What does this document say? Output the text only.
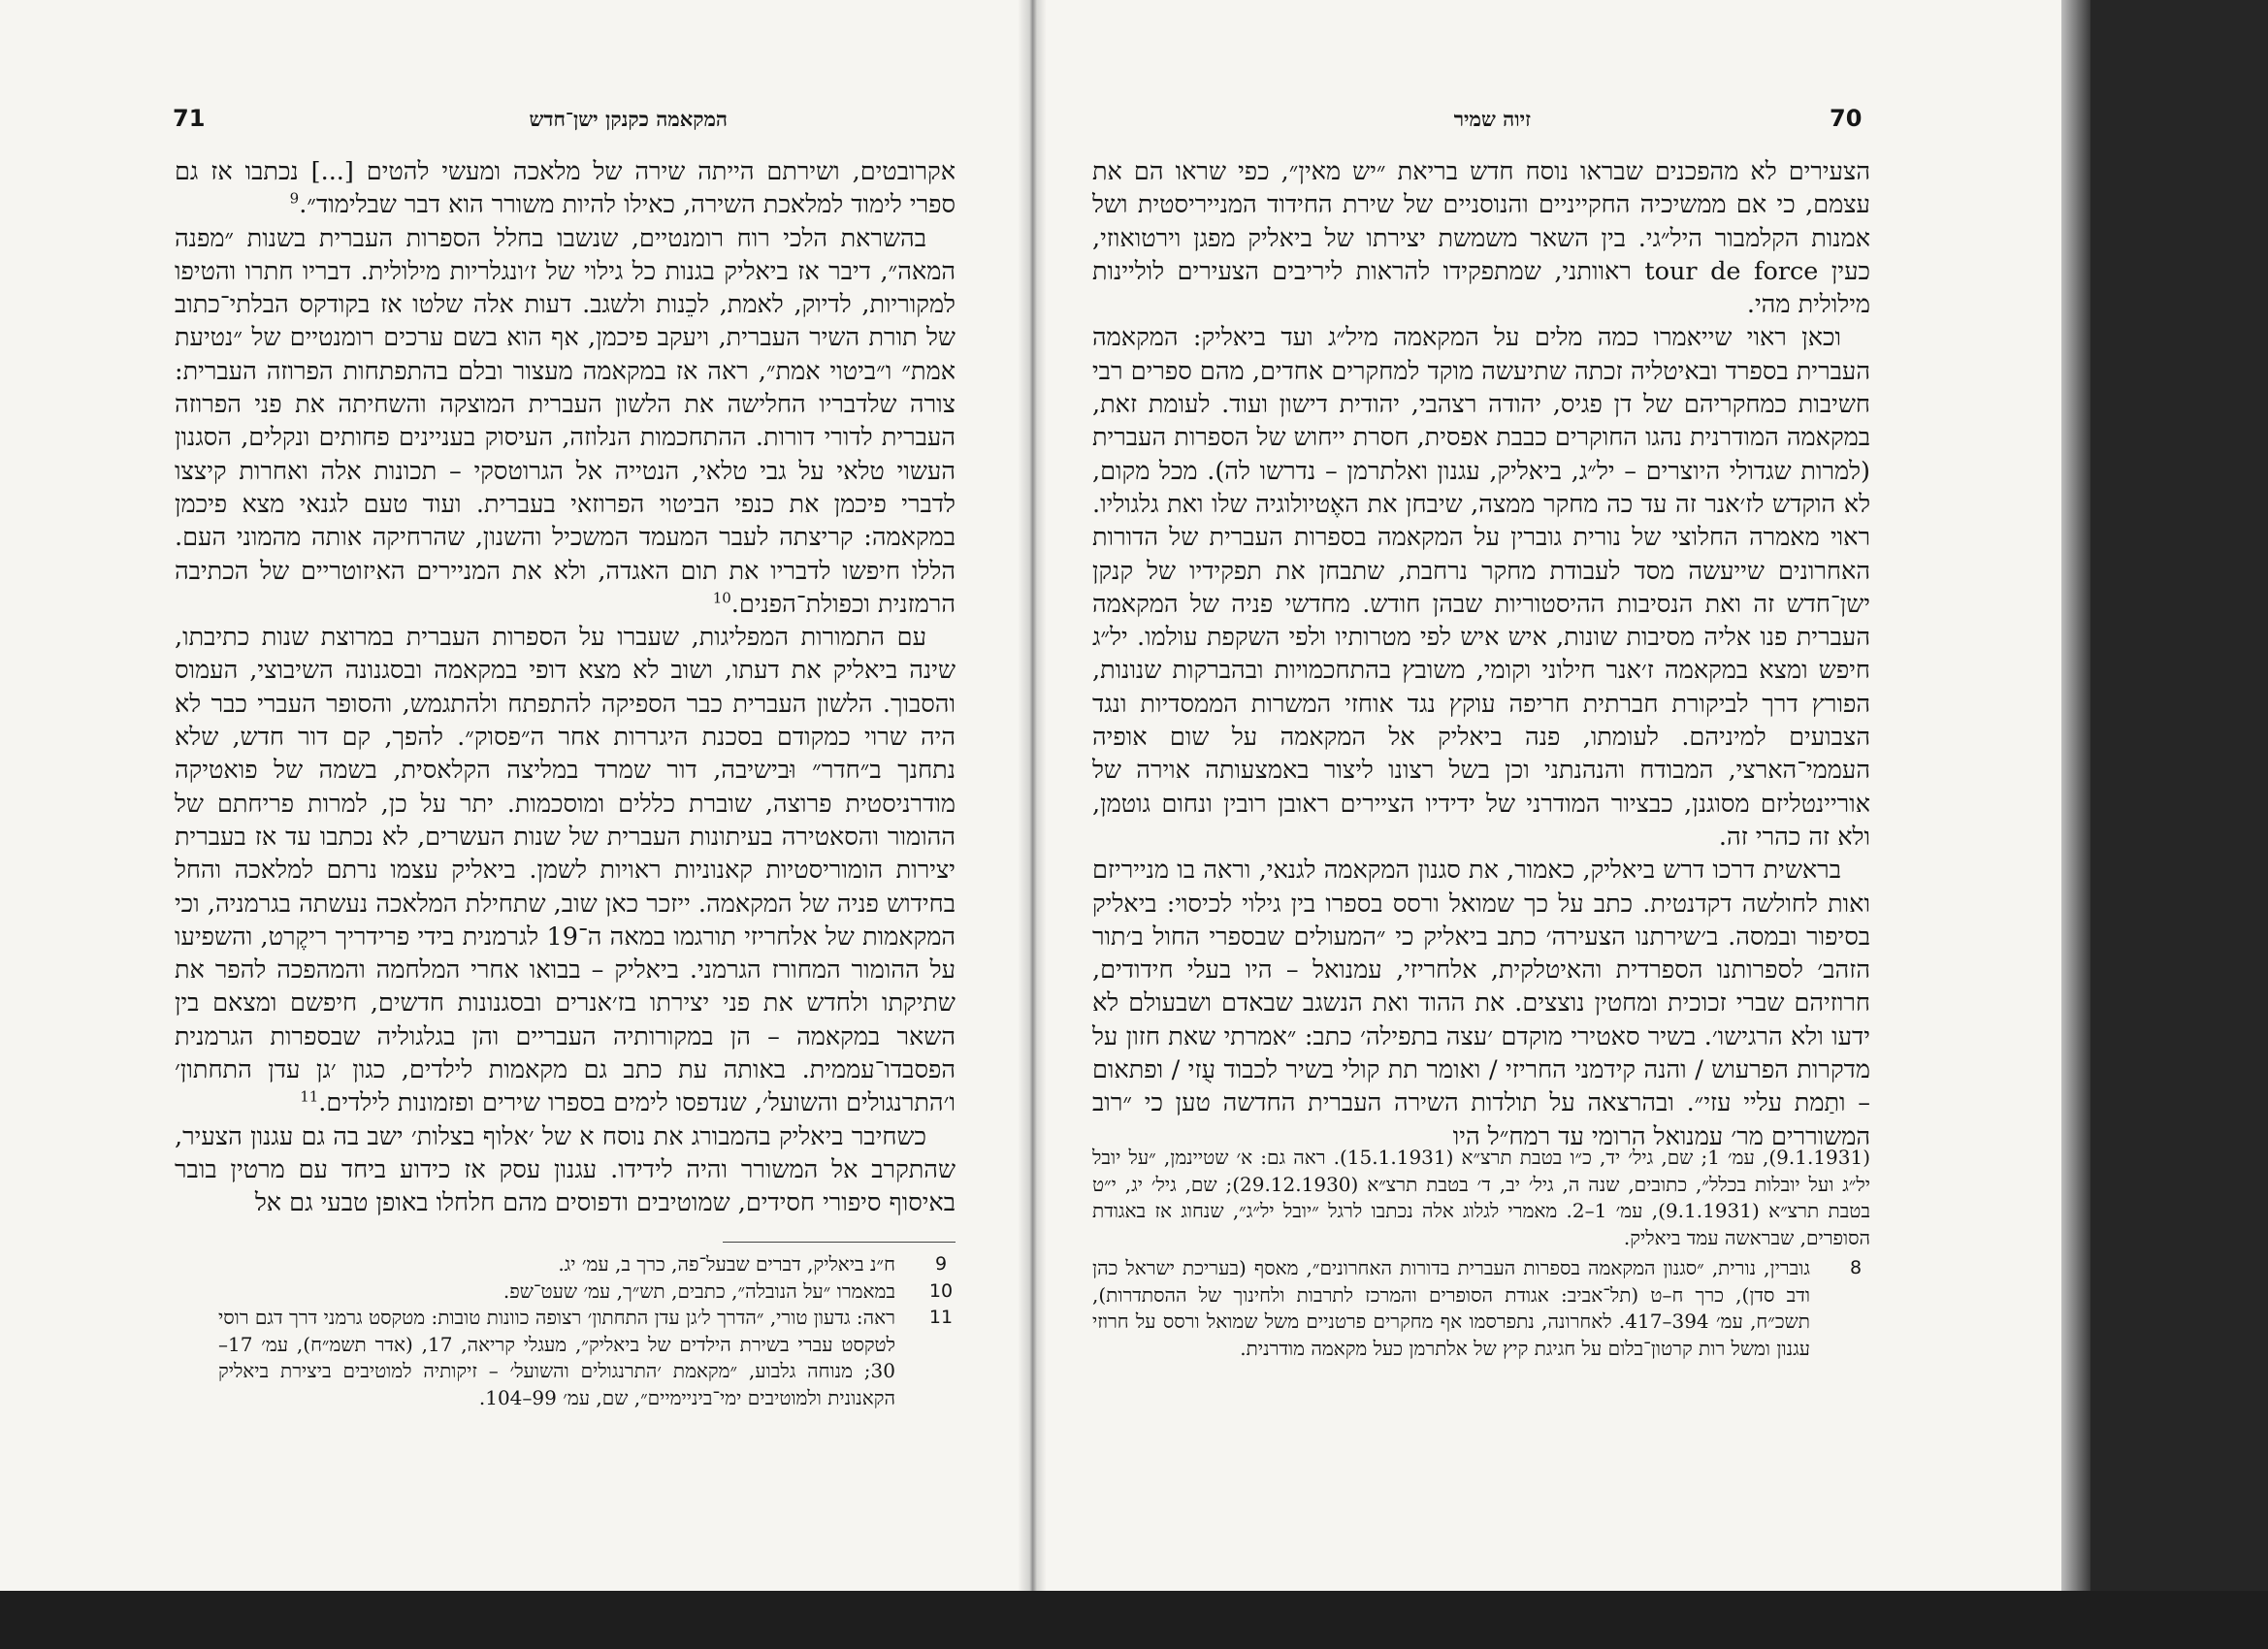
71	המקאמה כקנקן ישן־חדש

אקרובטים, ושירתם הייתה שירה של מלאכה ומעשי להטים [...] נכתבו אז גם ספרי לימוד למלאכת השירה, כאילו להיות משורר הוא דבר שבלימוד״.$^9$

בהשראת הלכי רוח רומנטיים, שנשבו בחלל הספרות העברית בשנות ״מפנה המאה״, דיבר אז ביאליק בגנות כל גילוי של ז׳ונגלריות מילולית. דבריו חתרו והטיפו למקוריות, לדיוק, לאמת, לכֵנות ולשגב. דעות אלה שלטו אז בקודקס הבלתי־כתוב של תורת השיר העברית, ויעקב פיכמן, אף הוא בשם ערכים רומנטיים של ״נטיעת אמת״ ו״ביטוי אמת״, ראה אז במקאמה מעצור ובלם בהתפתחות הפרוזה העברית: צורה שלדבריו החלישה את הלשון העברית המוצקה והשחיתה את פני הפרוזה העברית לדורי דורות. ההתחכמות הנלוזה, העיסוק בעניינים פחותים ונקלים, הסגנון העשוי טלאי על גבי טלאי, הנטייה אל הגרוטסקי – תכונות אלה ואחרות קיצצו לדברי פיכמן את כנפי הביטוי הפרוזאי בעברית. ועוד טעם לגנאי מצא פיכמן במקאמה: קריצתה לעבר המעמד המשכיל והשנון, שהרחיקה אותה מהמוני העם. הללו חיפשו לדבריו את תום האגדה, ולא את המניירים האיזוטריים של הכתיבה הרמזנית וכפולת־הפנים.$^{10}$

עם התמורות המפליגות, שעברו על הספרות העברית במרוצת שנות כתיבתו, שינה ביאליק את דעתו, ושוב לא מצא דופי במקאמה ובסגנונה השיבוצי, העמוס והסבוך. הלשון העברית כבר הספיקה להתפתח ולהתגמש, והסופר העברי כבר לא היה שרוי כמקודם בסכנת היגררות אחר ה״פסוק״. להפך, קם דור חדש, שלא נתחנך ב״חדר״ וּבישיבה, דור שמרד במליצה הקלאסית, בשמה של פואטיקה מודרניסטית פרוצה, שוברת כללים ומוסכמות. יתר על כן, למרות פריחתם של ההומור והסאטירה בעיתונות העברית של שנות העשרים, לא נכתבו עד אז בעברית יצירות הומוריסטיות קאנוניות ראויות לשמן. ביאליק עצמו נרתם למלאכה והחל בחידוש פניה של המקאמה. ייזכר כאן שוב, שתחילת המלאכה נעשתה בגרמניה, וכי המקאמות של אלחריזי תורגמו במאה ה־19 לגרמנית בידי פרידריך ריקֶרט, והשפיעו על ההומור המחורז הגרמני. ביאליק – בבואו אחרי המלחמה והמהפכה להפר את שתיקתו ולחדש את פני יצירתו בז׳אנרים ובסגנונות חדשים, חיפשם ומצאם בין השאר במקאמה – הן במקורותיה העבריים והן בגלגוליה שבספרות הגרמנית הפסבדו־עממית. באותה עת כתב גם מקאמות לילדים, כגון ׳גן עדן התחתון׳ ו׳התרנגולים והשועל׳, שנדפסו לימים בספרו שירים ופזמונות לילדים.$^{11}$

כשחיבר ביאליק בהמבורג את נוסח א של ׳אלוף בצלות׳ ישב בה גם עגנון הצעיר, שהתקרב אל המשורר והיה לידידו. עגנון עסק אז כידוע ביחד עם מרטין בובר באיסוף סיפורי חסידים, שמוטיבים ודפוסים מהם חלחלו באופן טבעי גם אל

9
ח״נ ביאליק, דברים שבעל־פה, כרך ב, עמ׳ יג.
10
במאמרו ״על הנובלה״, כתבים, תש״ך, עמ׳ שעט־שפ.
11
ראה: גדעון טורי, ״הדרך ל׳גן עדן התחתון׳ רצופה כוונות טובות: מטקסט גרמני דרך דגם רוסי לטקסט עברי בשירת הילדים של ביאליק״, מעגלי קריאה, 17, (אדר תשמ״ח), עמ׳ 17–30; מנוחה גלבוע, ״מקאמת ׳התרנגולים והשועל׳ – זיקותיה למוטיבים ביצירת ביאליק הקאנונית ולמוטיבים ימי־ביניימיים״, שם, עמ׳ 99–104.
70
זיוה שמיר

הצעירים לא מהפכנים שבראו נוסח חדש בריאת ״יש מאין״, כפי שראו הם את עצמם, כי אם ממשיכיה החקייניים והנוסניים של שירת החידוד המנייריסטית ושל אמנות הקלמבור היל״גי. בין השאר משמשת יצירתו של ביאליק מפגן וירטואוזי, כעין tour de force ראוותני, שמתפקידו להראות ליריבים הצעירים לוליינות מילולית מהי.

וכאן ראוי שייאמרו כמה מלים על המקאמה מיל״ג ועד ביאליק: המקאמה העברית בספרד ובאיטליה זכתה שתיעשה מוקד למחקרים אחדים, מהם ספרים רבי חשיבות כמחקריהם של דן פגיס, יהודה רצהבי, יהודית דישון ועוד. לעומת זאת, במקאמה המודרנית נהגו החוקרים כבבת אפסית, חסרת ייחוש של הספרות העברית (למרות שגדולי היוצרים – יל״ג, ביאליק, עגנון ואלתרמן – נדרשו לה). מכל מקום, לא הוקדש לז׳אנר זה עד כה מחקר ממצה, שיבחן את האֶטיולוגיה שלו ואת גלגוליו. ראוי מאמרה החלוצי של נורית גוברין על המקאמה בספרות העברית של הדורות האחרונים שייעשה מסד לעבודת מחקר נרחבת, שתבחן את תפקידיו של קנקן ישן־חדש זה ואת הנסיבות ההיסטוריות שבהן חודש. מחדשי פניה של המקאמה העברית פנו אליה מסיבות שונות, איש איש לפי מטרותיו ולפי השקפת עולמו. יל״ג חיפש ומצא במקאמה ז׳אנר חילוני וקומי, משובץ בהתחכמויות ובהברקות שנונות, הפורץ דרך לביקורת חברתית חריפה עוקץ נגד אוחזי המשרות הממסדיות ונגד הצבועים למיניהם. לעומתו, פנה ביאליק אל המקאמה על שום אופיה העממי־הארצי, המבודח והנהנתני וכן בשל רצונו ליצור באמצעותה אוירה של אוריינטליזם מסוגנן, כבציור המודרני של ידידיו הציירים ראובן רובין ונחום גוטמן, ולא זה כהרי זה.

בראשית דרכו דרש ביאליק, כאמור, את סגנון המקאמה לגנאי, וראה בו מנייריזם ואות לחולשה דקדנטית. כתב על כך שמואל ורסס בספרו בין גילוי לכיסוי: ביאליק בסיפור ובמסה. ב׳שירתנו הצעירה׳ כתב ביאליק כי ״המעולים שבספרי החול ב׳תור הזהב׳ לספרותנו הספרדית והאיטלקית, אלחריזי, עמנואל – היו בעלי חידודים, חרוזיהם שברי זכוכית ומחטין נוצצים. את ההוד ואת הנשגב שבאדם ושבעולם לא ידעו ולא הרגישו׳. בשיר סאטירי מוקדם ׳עצה בתפילה׳ כתב: ״אמרתי שאת חזון על מדקרות הפרעוש / והנה קידמני החריזי / ואומר תת קולי בשיר לכבוד עֻזי / ופתאום – ותַמת עליי עזי״. ובהרצאה על תולדות השירה העברית החדשה טען כי ״רוב המשוררים מר׳ עמנואל הרומי עד רמח״ל היו

(9.1.1931), עמ׳ 1; שם, גיל׳ יד, כ״ו בטבת תרצ״א (15.1.1931). ראה גם: א׳ שטיינמן, ״על יובל יל״ג ועל יובלות בכלל״, כתובים, שנה ה, גיל׳ יב, ד׳ בטבת תרצ״א (29.12.1930); שם, גיל׳ יג, י״ט בטבת תרצ״א (9.1.1931), עמ׳ 1–2. מאמרי לגלוג אלה נכתבו לרגל ״יובל יל״ג״, שנחוג אז באגודת הסופרים, שבראשה עמד ביאליק.
8
גוברין, נורית, ״סגנון המקאמה בספרות העברית בדורות האחרונים״, מאסף (בעריכת ישראל כהן ודב סדן), כרך ח–ט (תל־אביב: אגודת הסופרים והמרכז לתרבות ולחינוך של ההסתדרות), תשכ״ח, עמ׳ 394–417. לאחרונה, נתפרסמו אף מחקרים פרטניים משל שמואל ורסס על חרוזי עגנון ומשל רות קרטון־בלום על חגיגת קיץ של אלתרמן כעל מקאמה מודרנית.
